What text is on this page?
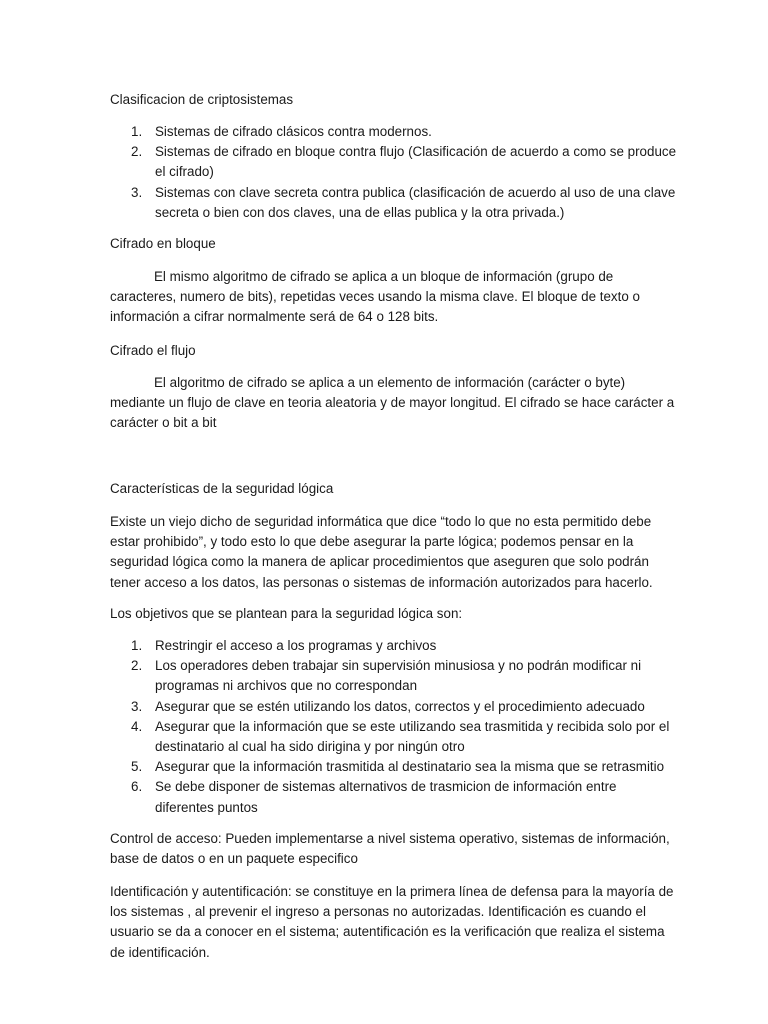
Clasificacion de criptosistemas

1. Sistemas de cifrado clásicos contra modernos.
2. Sistemas de cifrado en bloque contra flujo (Clasificación de acuerdo a como se produce
el cifrado)
3. Sistemas con clave secreta contra publica (clasificación de acuerdo al uso de una clave
secreta o bien con dos claves, una de ellas publica y la otra privada.)

Cifrado en bloque

El mismo algoritmo de cifrado se aplica a un bloque de información (grupo de
caracteres, numero de bits), repetidas veces usando la misma clave. El bloque de texto o
información a cifrar normalmente será de 64 o 128 bits.

Cifrado el flujo

El algoritmo de cifrado se aplica a un elemento de información (carácter o byte)
mediante un flujo de clave en teoria aleatoria y de mayor longitud. El cifrado se hace carácter a
carácter o bit a bit

Características de la seguridad lógica

Existe un viejo dicho de seguridad informática que dice “todo lo que no esta permitido debe
estar prohibido”, y todo esto lo que debe asegurar la parte lógica; podemos pensar en la
seguridad lógica como la manera de aplicar procedimientos que aseguren que solo podrán
tener acceso a los datos, las personas o sistemas de información autorizados para hacerlo.

Los objetivos que se plantean para la seguridad lógica son:

1. Restringir el acceso a los programas y archivos
2. Los operadores deben trabajar sin supervisión minusiosa y no podrán modificar ni
programas ni archivos que no correspondan
3. Asegurar que se estén utilizando los datos, correctos y el procedimiento adecuado
4. Asegurar que la información que se este utilizando sea trasmitida y recibida solo por el
destinatario al cual ha sido dirigina y por ningún otro
5. Asegurar que la información trasmitida al destinatario sea la misma que se retrasmitio
6. Se debe disponer de sistemas alternativos de trasmicion de información entre
diferentes puntos

Control de acceso: Pueden implementarse a nivel sistema operativo, sistemas de información,
base de datos o en un paquete especifico

Identificación y autentificación: se constituye en la primera línea de defensa para la mayoría de
los sistemas , al prevenir el ingreso a personas no autorizadas. Identificación es cuando el
usuario se da a conocer en el sistema; autentificación es la verificación que realiza el sistema
de identificación.
